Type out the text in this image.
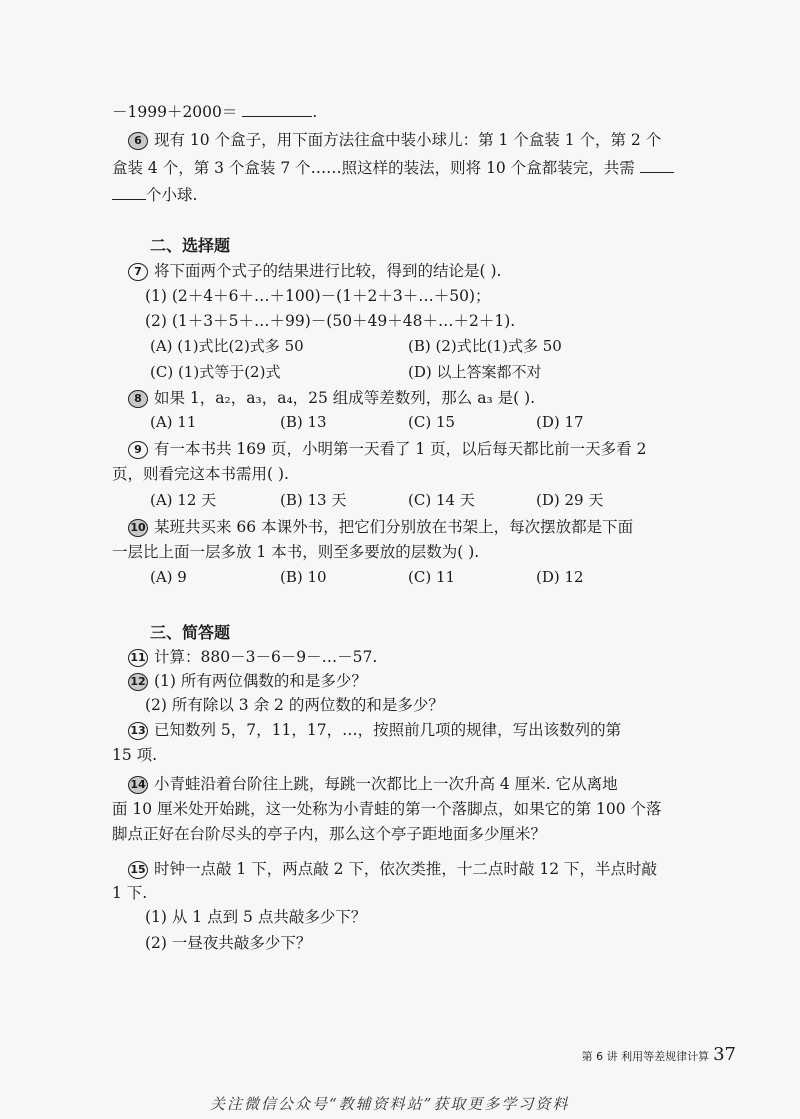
－1999＋2000＝	.
6 现有 10 个盒子，用下面方法往盒中装小球儿：第 1 个盒装 1 个，第 2 个
盒装 4 个，第 3 个盒装 7 个……照这样的装法，则将 10 个盒都装完，共需
个小球.
二、选择题
7 将下面两个式子的结果进行比较，得到的结论是( ).
(1) (2＋4＋6＋…＋100)－(1＋2＋3＋…＋50)；
(2) (1＋3＋5＋…＋99)－(50＋49＋48＋…＋2＋1).
(A) (1)式比(2)式多 50	(B) (2)式比(1)式多 50
(C) (1)式等于(2)式	(D) 以上答案都不对
8 如果 1，a₂，a₃，a₄，25 组成等差数列，那么 a₃ 是( ).
(A) 11	(B) 13	(C) 15	(D) 17
9 有一本书共 169 页，小明第一天看了 1 页，以后每天都比前一天多看 2
页，则看完这本书需用( ).
(A) 12 天	(B) 13 天	(C) 14 天	(D) 29 天
10 某班共买来 66 本课外书，把它们分别放在书架上，每次摆放都是下面
一层比上面一层多放 1 本书，则至多要放的层数为( ).
(A) 9	(B) 10	(C) 11	(D) 12
三、简答题
11 计算：880－3－6－9－…－57.
12 (1) 所有两位偶数的和是多少？
(2) 所有除以 3 余 2 的两位数的和是多少？
13 已知数列 5，7，11，17，…，按照前几项的规律，写出该数列的第
15 项.
14 小青蛙沿着台阶往上跳，每跳一次都比上一次升高 4 厘米. 它从离地
面 10 厘米处开始跳，这一处称为小青蛙的第一个落脚点，如果它的第 100 个落
脚点正好在台阶尽头的亭子内，那么这个亭子距地面多少厘米？
15 时钟一点敲 1 下，两点敲 2 下，依次类推，十二点时敲 12 下，半点时敲
1 下.
(1) 从 1 点到 5 点共敲多少下？
(2) 一昼夜共敲多少下？
第 6 讲 利用等差规律计算 37
关注微信公众号“教辅资料站”获取更多学习资料
